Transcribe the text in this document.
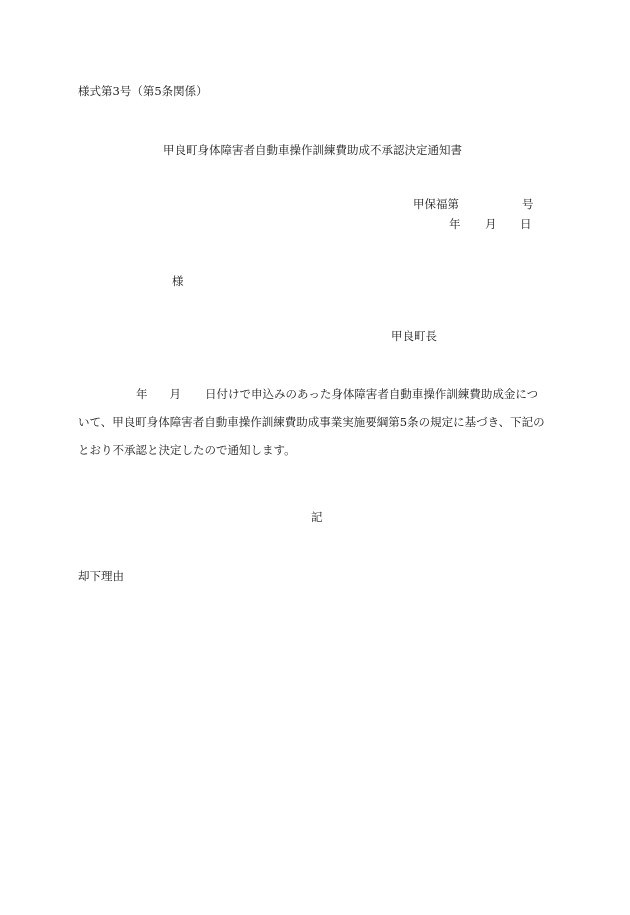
様式第3号（第5条関係）
甲良町身体障害者自動車操作訓練費助成不承認決定通知書
甲保福第	号
年 月 日
様
甲良町長
年 月 日付けで申込みのあった身体障害者自動車操作訓練費助成金につ
いて、甲良町身体障害者自動車操作訓練費助成事業実施要綱第5条の規定に基づき、下記の
とおり不承認と決定したので通知します。
記
却下理由
